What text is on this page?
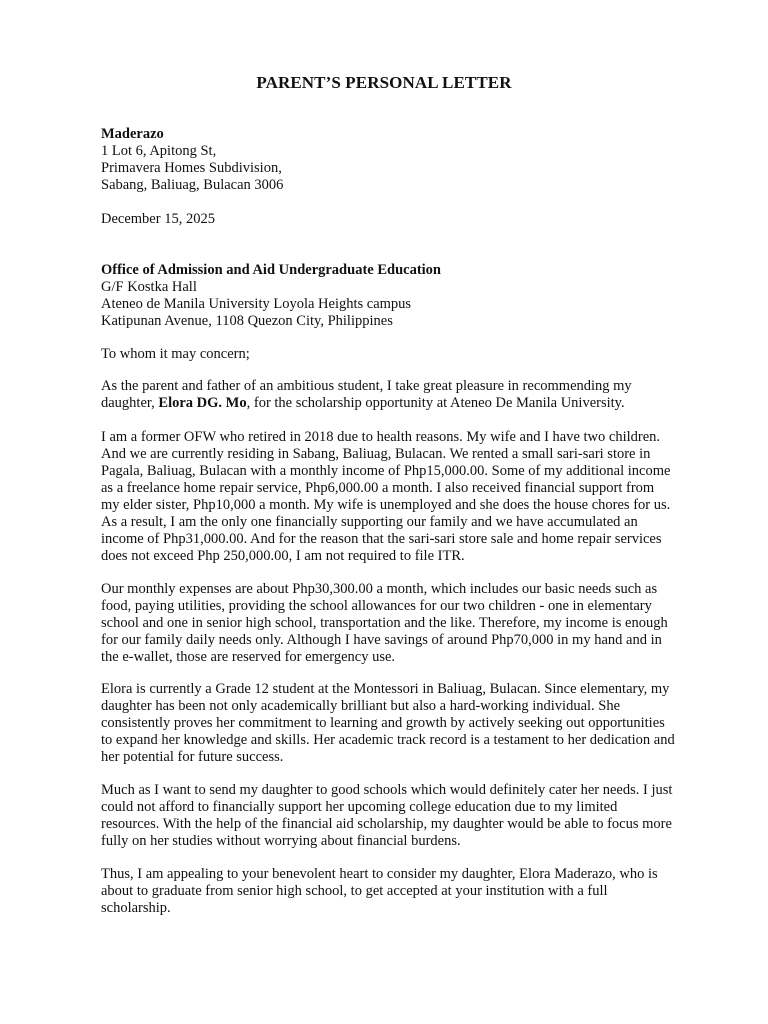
PARENT’S PERSONAL LETTER
Maderazo
1 Lot 6, Apitong St,
Primavera Homes Subdivision,
Sabang, Baliuag, Bulacan 3006
December 15, 2025
Office of Admission and Aid Undergraduate Education
G/F Kostka Hall
Ateneo de Manila University Loyola Heights campus
Katipunan Avenue, 1108 Quezon City, Philippines
To whom it may concern;
As the parent and father of an ambitious student, I take great pleasure in recommending my
daughter, Elora DG. Mo, for the scholarship opportunity at Ateneo De Manila University.
I am a former OFW who retired in 2018 due to health reasons. My wife and I have two children.
And we are currently residing in Sabang, Baliuag, Bulacan. We rented a small sari-sari store in
Pagala, Baliuag, Bulacan with a monthly income of Php15,000.00. Some of my additional income
as a freelance home repair service, Php6,000.00 a month. I also received financial support from
my elder sister, Php10,000 a month. My wife is unemployed and she does the house chores for us.
As a result, I am the only one financially supporting our family and we have accumulated an
income of Php31,000.00. And for the reason that the sari-sari store sale and home repair services
does not exceed Php 250,000.00, I am not required to file ITR.
Our monthly expenses are about Php30,300.00 a month, which includes our basic needs such as
food, paying utilities, providing the school allowances for our two children - one in elementary
school and one in senior high school, transportation and the like. Therefore, my income is enough
for our family daily needs only. Although I have savings of around Php70,000 in my hand and in
the e-wallet, those are reserved for emergency use.
Elora is currently a Grade 12 student at the Montessori in Baliuag, Bulacan. Since elementary, my
daughter has been not only academically brilliant but also a hard-working individual. She
consistently proves her commitment to learning and growth by actively seeking out opportunities
to expand her knowledge and skills. Her academic track record is a testament to her dedication and
her potential for future success.
Much as I want to send my daughter to good schools which would definitely cater her needs. I just
could not afford to financially support her upcoming college education due to my limited
resources. With the help of the financial aid scholarship, my daughter would be able to focus more
fully on her studies without worrying about financial burdens.
Thus, I am appealing to your benevolent heart to consider my daughter, Elora Maderazo, who is
about to graduate from senior high school, to get accepted at your institution with a full
scholarship.
